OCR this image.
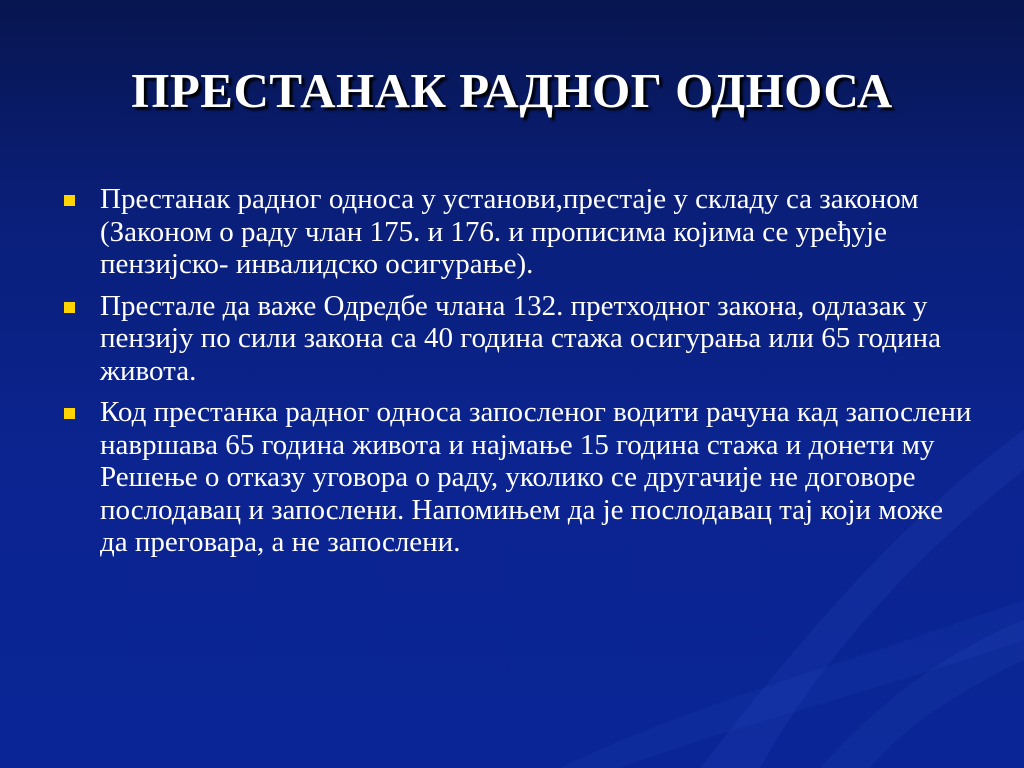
ПРЕСТАНАК РАДНОГ ОДНОСА
Престанак радног односа у установи,престаје у складу са законом (Законом о раду члан 175. и 176. и прописима којима се уређује пензијско- инвалидско осигурање).
Престале да важе Одредбе члана 132. претходног закона, одлазак у пензију по сили закона са 40 година стажа осигурања или 65 година живота.
Код престанка радног односа запосленог водити рачуна кад запослени навршава 65 година живота и најмање 15 година стажа и донети му Решење о отказу уговора о раду, уколико се другачије не договоре послодавац и запослени. Напомињем да је послодавац тај који може да преговара, а не запослени.
